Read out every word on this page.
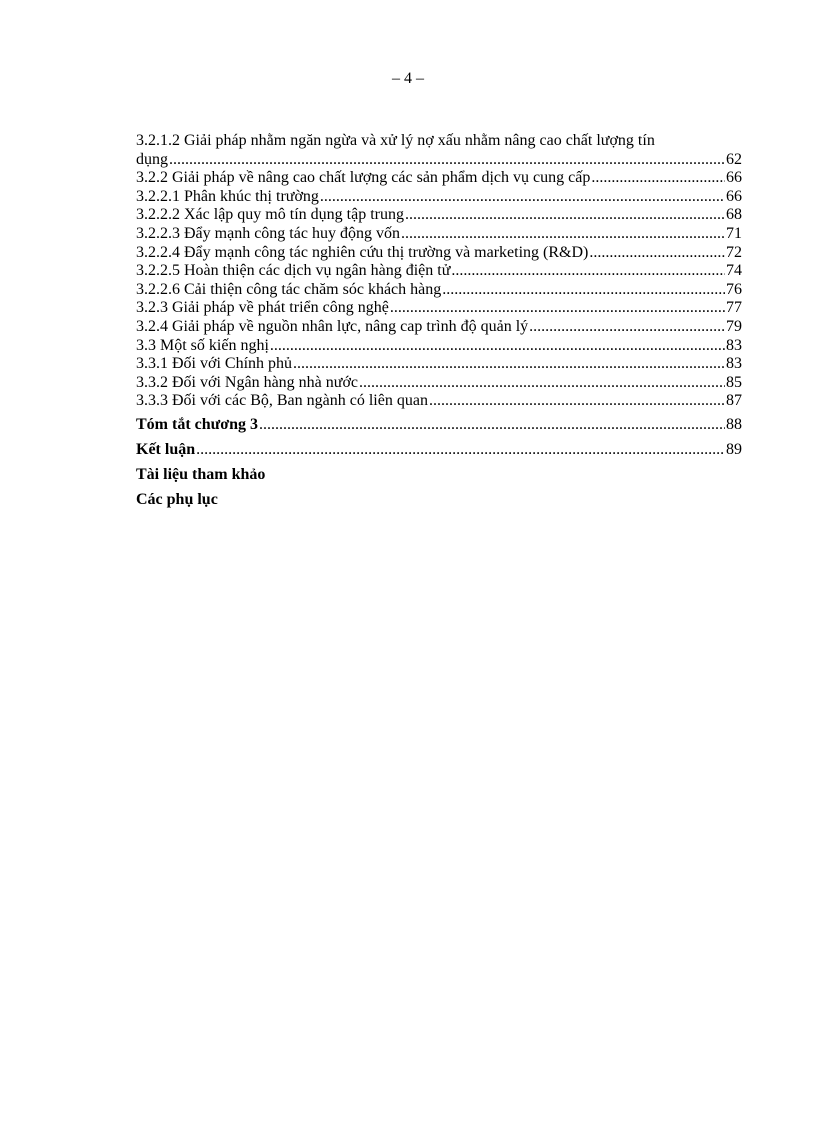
– 4 –
3.2.1.2 Giải pháp nhằm ngăn ngừa và xử lý nợ xấu nhằm nâng cao chất lượng tín
dụng .....	62
3.2.2 Giải pháp về nâng cao chất lượng các sản phẩm dịch vụ cung cấp .....	66
3.2.2.1 Phân khúc thị trường .....	66
3.2.2.2 Xác lập quy mô tín dụng tập trung .....	68
3.2.2.3 Đẩy mạnh công tác huy động vốn .....	71
3.2.2.4 Đẩy mạnh công tác nghiên cứu thị trường và marketing (R&D) .....	72
3.2.2.5 Hoàn thiện các dịch vụ ngân hàng điện tử .....	74
3.2.2.6 Cải thiện công tác chăm sóc khách hàng .....	76
3.2.3 Giải pháp về phát triển công nghệ .....	77
3.2.4 Giải pháp về nguồn nhân lực, nâng cap trình độ quản lý .....	79
3.3 Một số kiến nghị .....	83
3.3.1 Đối với Chính phủ .....	83
3.3.2 Đối với Ngân hàng nhà nước .....	85
3.3.3 Đối với các Bộ, Ban ngành có liên quan .....	87
Tóm tắt chương 3 .....	88
Kết luận .....	89
Tài liệu tham khảo
Các phụ lục
